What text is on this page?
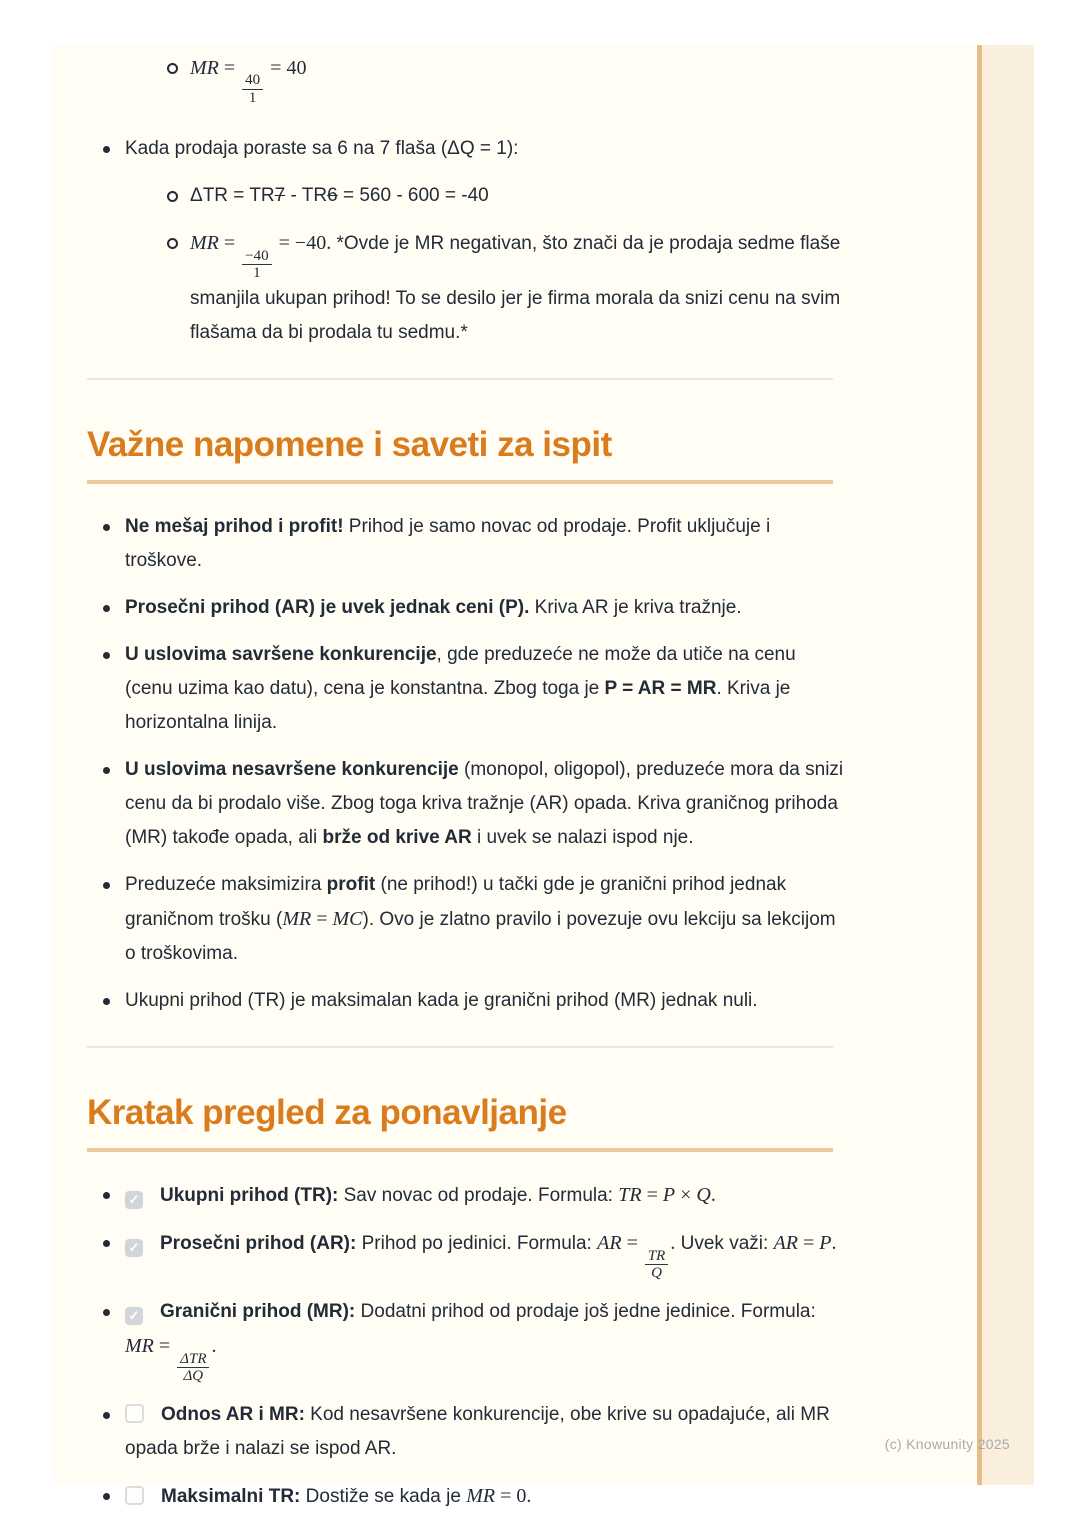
MR =
$\frac{40}{1}$
= 40
Kada prodaja poraste sa 6 na 7 flaša (ΔQ = 1):
ΔTR = TR7 - TR6 = 560 - 600 = -40
MR =
$\frac{-40}{1}$
= −40. *Ovde je MR negativan, što znači da je prodaja sedme flaše smanjila ukupan prihod! To se desilo jer je firma morala da snizi cenu na svim flašama da bi prodala tu sedmu.*
Važne napomene i saveti za ispit
Ne mešaj prihod i profit! Prihod je samo novac od prodaje. Profit uključuje i troškove.
Prosečni prihod (AR) je uvek jednak ceni (P). Kriva AR je kriva tražnje.
U uslovima savršene konkurencije, gde preduzeće ne može da utiče na cenu (cenu uzima kao datu), cena je konstantna. Zbog toga je P = AR = MR. Kriva je horizontalna linija.
U uslovima nesavršene konkurencije (monopol, oligopol), preduzeće mora da snizi cenu da bi prodalo više. Zbog toga kriva tražnje (AR) opada. Kriva graničnog prihoda (MR) takođe opada, ali brže od krive AR i uvek se nalazi ispod nje.
Preduzeće maksimizira profit (ne prihod!) u tački gde je granični prihod jednak graničnom trošku (MR = MC). Ovo je zlatno pravilo i povezuje ovu lekciju sa lekcijom o troškovima.
Ukupni prihod (TR) je maksimalan kada je granični prihod (MR) jednak nuli.
Kratak pregled za ponavljanje
✓ Ukupni prihod (TR): Sav novac od prodaje. Formula: TR = P × Q.
✓ Prosečni prihod (AR): Prihod po jedinici. Formula: AR =
$\frac{TR}{Q}$
. Uvek važi: AR = P.
✓ Granični prihod (MR): Dodatni prihod od prodaje još jedne jedinice. Formula: MR =
$\frac{\text{ΔTR}}{\Delta Q}$
.
Odnos AR i MR: Kod nesavršene konkurencije, obe krive su opadajuće, ali MR opada brže i nalazi se ispod AR.
Maksimalni TR: Dostiže se kada je MR = 0.
(c) Knowunity 2025
